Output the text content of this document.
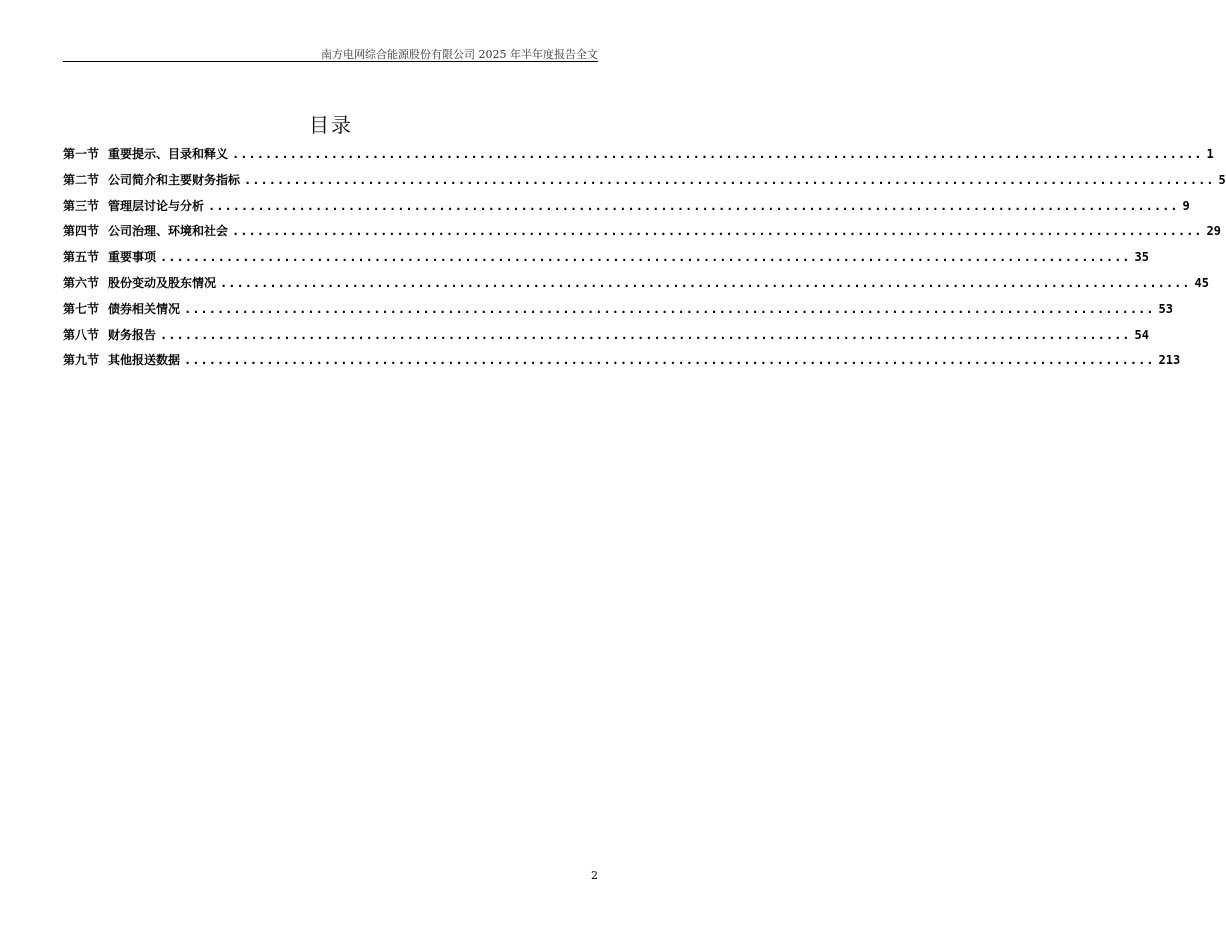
南方电网综合能源股份有限公司 2025 年半年度报告全文
目录
第一节 重要提示、目录和释义 ...................................................................................................................... 1
第二节 公司简介和主要财务指标 ...................................................................................................................... 5
第三节 管理层讨论与分析 ...................................................................................................................... 9
第四节 公司治理、环境和社会 ...................................................................................................................... 29
第五节 重要事项 ...................................................................................................................... 35
第六节 股份变动及股东情况 ...................................................................................................................... 45
第七节 债券相关情况 ...................................................................................................................... 53
第八节 财务报告 ...................................................................................................................... 54
第九节 其他报送数据 ...................................................................................................................... 213
2
